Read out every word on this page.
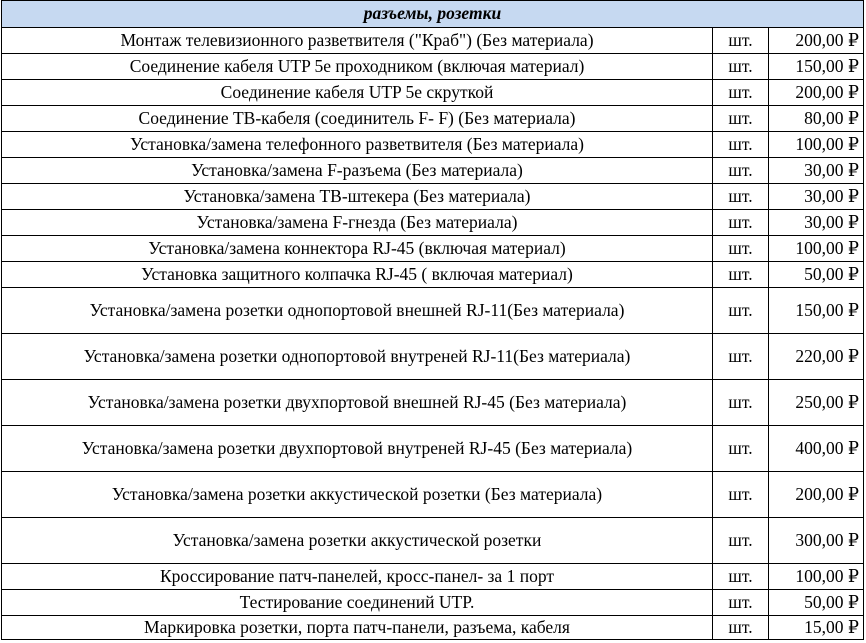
разъемы, розетки		
Монтаж телевизионного разветвителя ("Краб") (Без материала)	шт.	200,00 ₽
Соединение кабеля UTP 5е проходником (включая материал)	шт.	150,00 ₽
Соединение кабеля UTP 5е скруткой	шт.	200,00 ₽
Соединение ТВ-кабеля (соединитель F- F) (Без материала)	шт.	80,00 ₽
Установка/замена телефонного разветвителя (Без материала)	шт.	100,00 ₽
Установка/замена F-разъема (Без материала)	шт.	30,00 ₽
Установка/замена ТВ-штекера (Без материала)	шт.	30,00 ₽
Установка/замена F-гнезда (Без материала)	шт.	30,00 ₽
Установка/замена коннектора RJ-45 (включая материал)	шт.	100,00 ₽
Установка защитного колпачка RJ-45 ( включая материал)	шт.	50,00 ₽
Установка/замена розетки однопортовой внешней RJ-11(Без материала)	шт.	150,00 ₽
Установка/замена розетки однопортовой внутреней RJ-11(Без материала)	шт.	220,00 ₽
Установка/замена розетки двухпортовой внешней RJ-45 (Без материала)	шт.	250,00 ₽
Установка/замена розетки двухпортовой внутреней RJ-45 (Без материала)	шт.	400,00 ₽
Установка/замена розетки аккустической розетки (Без материала)	шт.	200,00 ₽
Установка/замена розетки аккустической розетки	шт.	300,00 ₽
Кроссирование патч-панелей, кросс-панел- за 1 порт	шт.	100,00 ₽
Тестирование соединений UTP.	шт.	50,00 ₽
Маркировка розетки, порта патч-панели, разъема, кабеля	шт.	15,00 ₽
